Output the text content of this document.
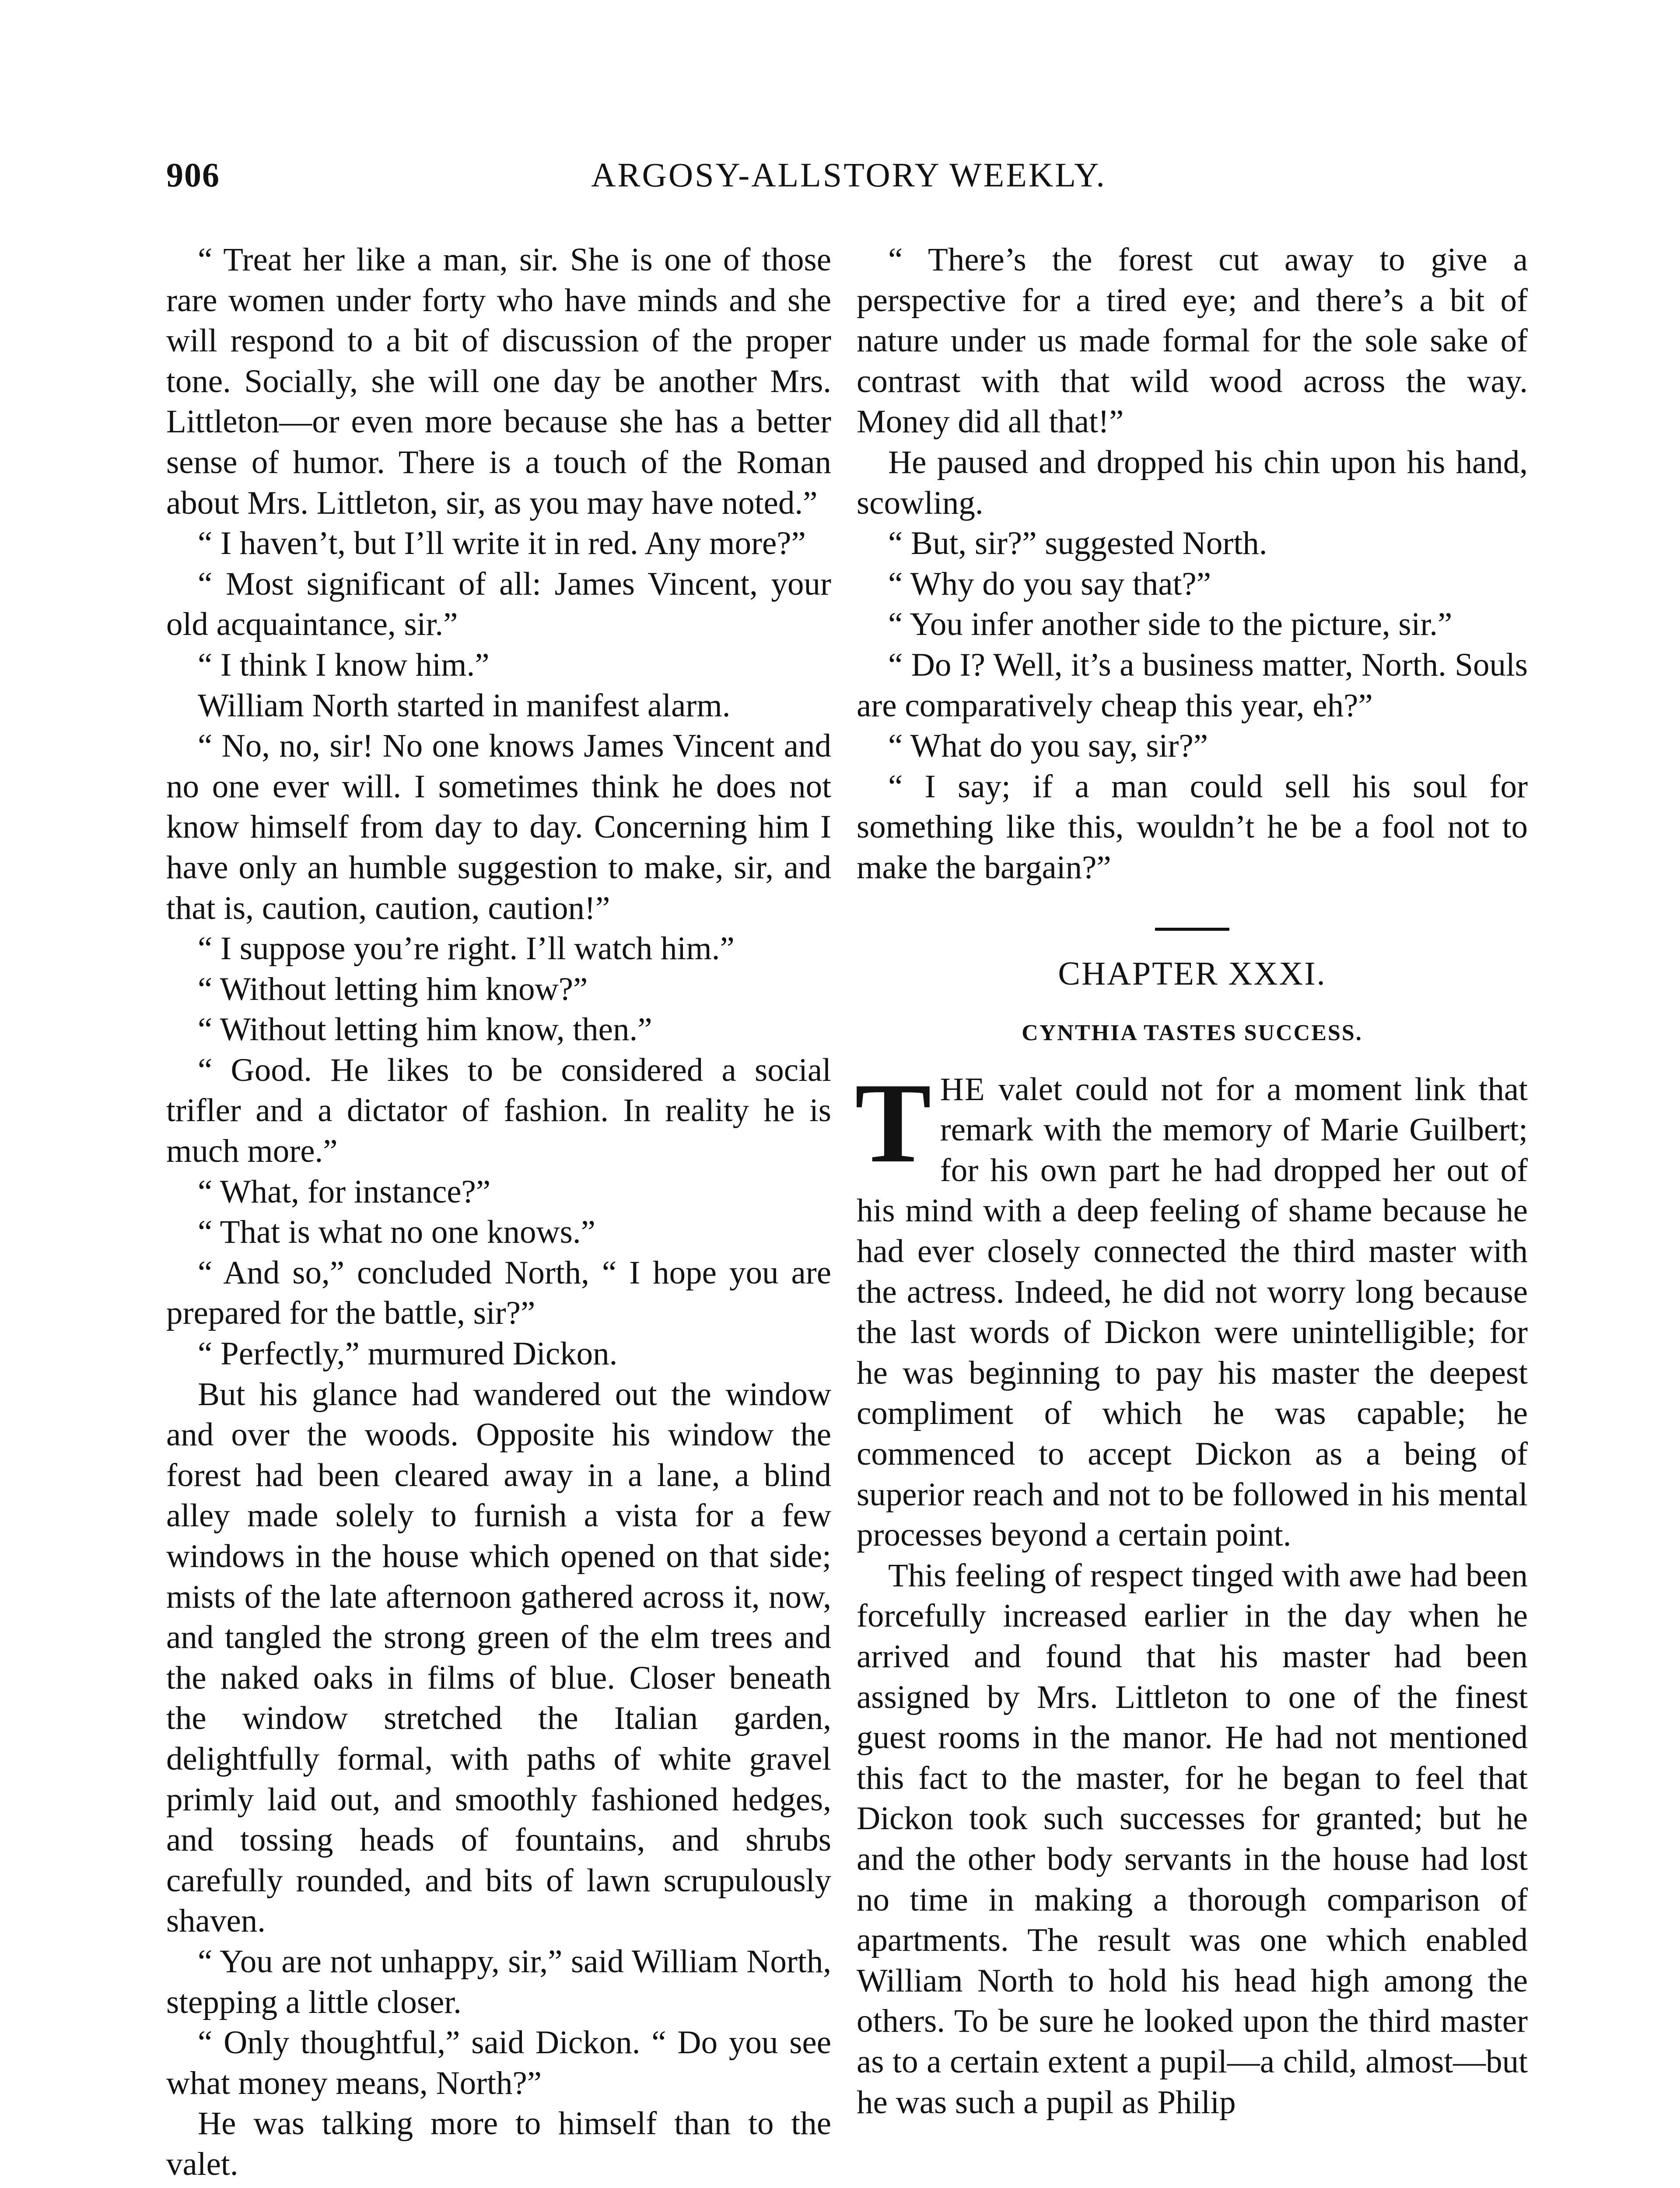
906	ARGOSY-ALLSTORY WEEKLY.

“ Treat her like a man, sir. She is one of those rare women under forty who have minds and she will respond to a bit of discussion of the proper tone. Socially, she will one day be another Mrs. Littleton—or even more because she has a better sense of humor. There is a touch of the Roman about Mrs. Littleton, sir, as you may have noted.”

“ I haven’t, but I’ll write it in red. Any more?”

“ Most significant of all: James Vincent, your old acquaintance, sir.”

“ I think I know him.”

William North started in manifest alarm.

“ No, no, sir! No one knows James Vincent and no one ever will. I sometimes think he does not know himself from day to day. Concerning him I have only an humble suggestion to make, sir, and that is, caution, caution, caution!”

“ I suppose you’re right. I’ll watch him.”

“ Without letting him know?”

“ Without letting him know, then.”

“ Good. He likes to be considered a social trifler and a dictator of fashion. In reality he is much more.”

“ What, for instance?”

“ That is what no one knows.”

“ And so,” concluded North, “ I hope you are prepared for the battle, sir?”

“ Perfectly,” murmured Dickon.

But his glance had wandered out the window and over the woods. Opposite his window the forest had been cleared away in a lane, a blind alley made solely to furnish a vista for a few windows in the house which opened on that side; mists of the late afternoon gathered across it, now, and tangled the strong green of the elm trees and the naked oaks in films of blue. Closer beneath the window stretched the Italian garden, delightfully formal, with paths of white gravel primly laid out, and smoothly fashioned hedges, and tossing heads of fountains, and shrubs carefully rounded, and bits of lawn scrupulously shaven.

“ You are not unhappy, sir,” said William North, stepping a little closer.

“ Only thoughtful,” said Dickon. “ Do you see what money means, North?”

He was talking more to himself than to the valet.

“ There’s the forest cut away to give a perspective for a tired eye; and there’s a bit of nature under us made formal for the sole sake of contrast with that wild wood across the way. Money did all that!”

He paused and dropped his chin upon his hand, scowling.

“ But, sir?” suggested North.

“ Why do you say that?”

“ You infer another side to the picture, sir.”

“ Do I? Well, it’s a business matter, North. Souls are comparatively cheap this year, eh?”

“ What do you say, sir?”

“ I say; if a man could sell his soul for something like this, wouldn’t he be a fool not to make the bargain?”

CHAPTER XXXI.
CYNTHIA TASTES SUCCESS.

THE valet could not for a moment link that remark with the memory of Marie Guilbert; for his own part he had dropped her out of his mind with a deep feeling of shame because he had ever closely connected the third master with the actress. Indeed, he did not worry long because the last words of Dickon were unintelligible; for he was beginning to pay his master the deepest compliment of which he was capable; he commenced to accept Dickon as a being of superior reach and not to be followed in his mental processes beyond a certain point.

This feeling of respect tinged with awe had been forcefully increased earlier in the day when he arrived and found that his master had been assigned by Mrs. Littleton to one of the finest guest rooms in the manor. He had not mentioned this fact to the master, for he began to feel that Dickon took such successes for granted; but he and the other body servants in the house had lost no time in making a thorough comparison of apartments. The result was one which enabled William North to hold his head high among the others. To be sure he looked upon the third master as to a certain extent a pupil—a child, almost—but he was such a pupil as Philip
